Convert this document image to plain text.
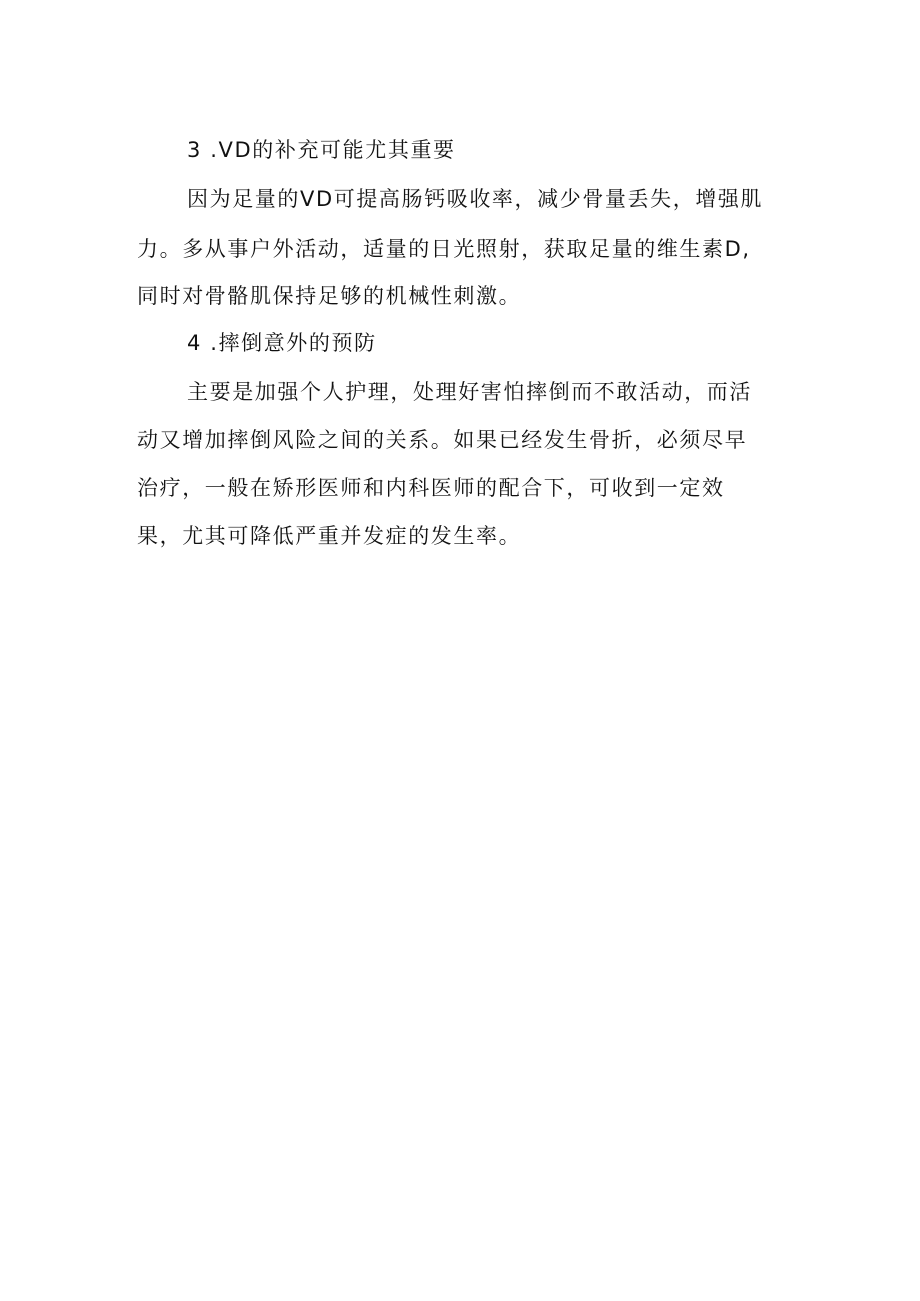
3 .VD的补充可能尤其重要
因为足量的VD可提高肠钙吸收率，减少骨量丢失，增强肌
力。多从事户外活动，适量的日光照射，获取足量的维生素D,
同时对骨骼肌保持足够的机械性刺激。
4 .摔倒意外的预防
主要是加强个人护理，处理好害怕摔倒而不敢活动，而活
动又增加摔倒风险之间的关系。如果已经发生骨折，必须尽早
治疗，一般在矫形医师和内科医师的配合下，可收到一定效
果，尤其可降低严重并发症的发生率。
